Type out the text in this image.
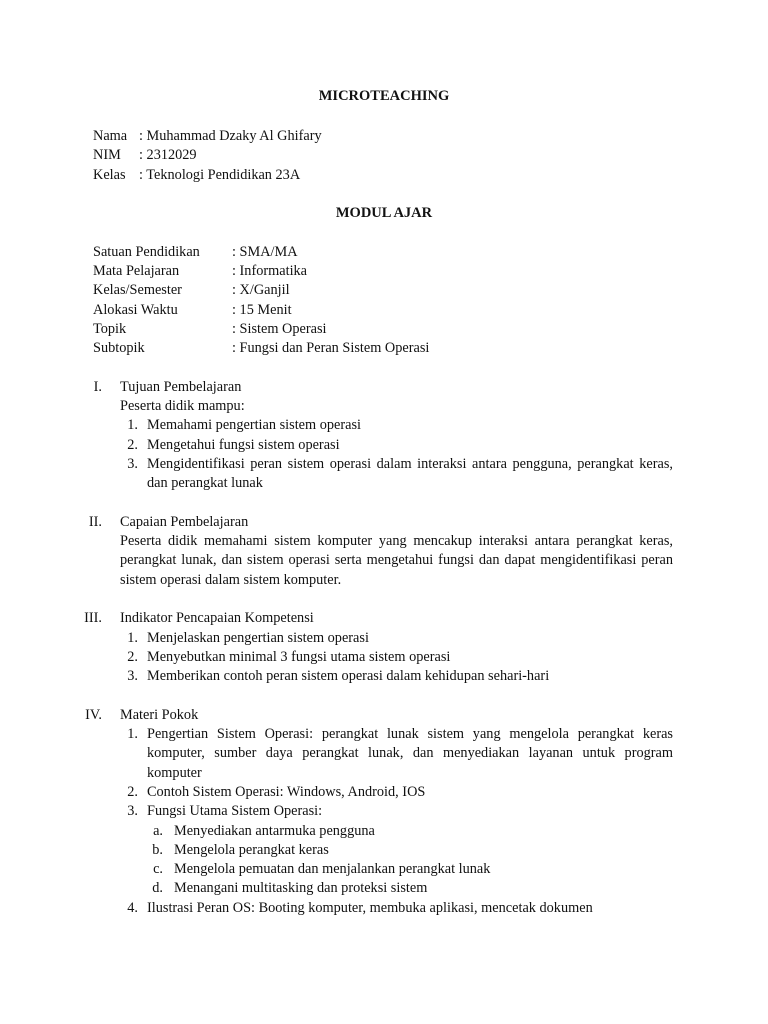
MICROTEACHING
Nama : Muhammad Dzaky Al Ghifary
NIM : 2312029
Kelas : Teknologi Pendidikan 23A
MODUL AJAR
Satuan Pendidikan : SMA/MA
Mata Pelajaran	: Informatika
Kelas/Semester	: X/Ganjil
Alokasi Waktu	: 15 Menit
Topik	: Sistem Operasi
Subtopik	: Fungsi dan Peran Sistem Operasi
I. Tujuan Pembelajaran
Peserta didik mampu:
1. Memahami pengertian sistem operasi
2. Mengetahui fungsi sistem operasi
3. Mengidentifikasi peran sistem operasi dalam interaksi antara pengguna, perangkat keras, dan perangkat lunak
II. Capaian Pembelajaran
Peserta didik memahami sistem komputer yang mencakup interaksi antara perangkat keras, perangkat lunak, dan sistem operasi serta mengetahui fungsi dan dapat mengidentifikasi peran sistem operasi dalam sistem komputer.
III. Indikator Pencapaian Kompetensi
1. Menjelaskan pengertian sistem operasi
2. Menyebutkan minimal 3 fungsi utama sistem operasi
3. Memberikan contoh peran sistem operasi dalam kehidupan sehari-hari
IV. Materi Pokok
1. Pengertian Sistem Operasi: perangkat lunak sistem yang mengelola perangkat keras komputer, sumber daya perangkat lunak, dan menyediakan layanan untuk program komputer
2. Contoh Sistem Operasi: Windows, Android, IOS
3. Fungsi Utama Sistem Operasi:
a. Menyediakan antarmuka pengguna
b. Mengelola perangkat keras
c. Mengelola pemuatan dan menjalankan perangkat lunak
d. Menangani multitasking dan proteksi sistem
4. Ilustrasi Peran OS: Booting komputer, membuka aplikasi, mencetak dokumen
